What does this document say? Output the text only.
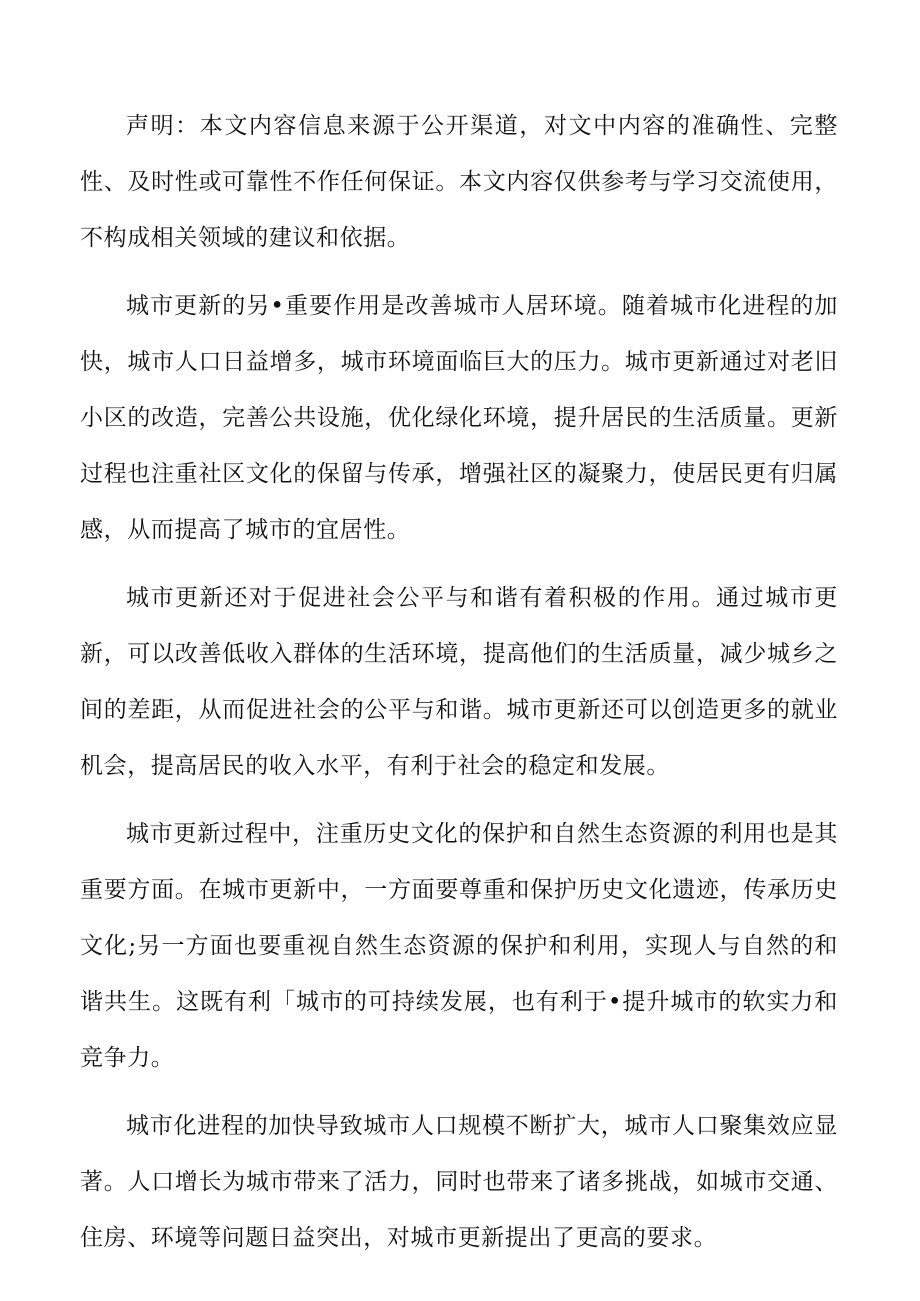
声明：本文内容信息来源于公开渠道，对文中内容的准确性、完整性、及时性或可靠性不作任何保证。本文内容仅供参考与学习交流使用，不构成相关领域的建议和依据。

城市更新的另•重要作用是改善城市人居环境。随着城市化进程的加快，城市人口日益增多，城市环境面临巨大的压力。城市更新通过对老旧小区的改造，完善公共设施，优化绿化环境，提升居民的生活质量。更新过程也注重社区文化的保留与传承，增强社区的凝聚力，使居民更有归属感，从而提高了城市的宜居性。

城市更新还对于促进社会公平与和谐有着积极的作用。通过城市更新，可以改善低收入群体的生活环境，提高他们的生活质量，减少城乡之间的差距，从而促进社会的公平与和谐。城市更新还可以创造更多的就业机会，提高居民的收入水平，有利于社会的稳定和发展。

城市更新过程中，注重历史文化的保护和自然生态资源的利用也是其重要方面。在城市更新中，一方面要尊重和保护历史文化遗迹，传承历史文化;另一方面也要重视自然生态资源的保护和利用，实现人与自然的和谐共生。这既有利「城市的可持续发展，也有利于•提升城市的软实力和竞争力。

城市化进程的加快导致城市人口规模不断扩大，城市人口聚集效应显著。人口增长为城市带来了活力，同时也带来了诸多挑战，如城市交通、住房、环境等问题日益突出，对城市更新提出了更高的要求。
